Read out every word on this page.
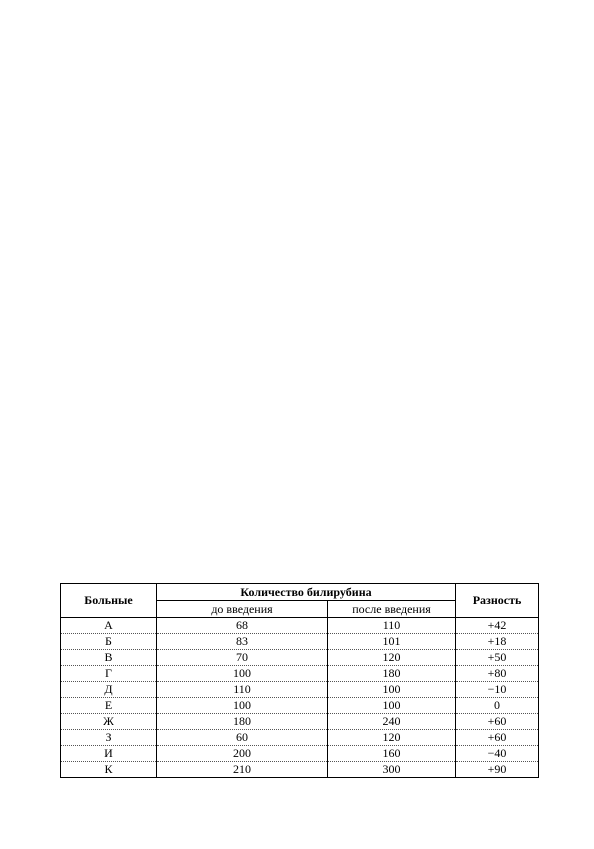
Больные	Количество билирубина		Разность
	до введения	после введения	
А	68	110	+42
Б	83	101	+18
В	70	120	+50
Г	100	180	+80
Д	110	100	−10
Е	100	100	0
Ж	180	240	+60
З	60	120	+60
И	200	160	−40
К	210	300	+90
